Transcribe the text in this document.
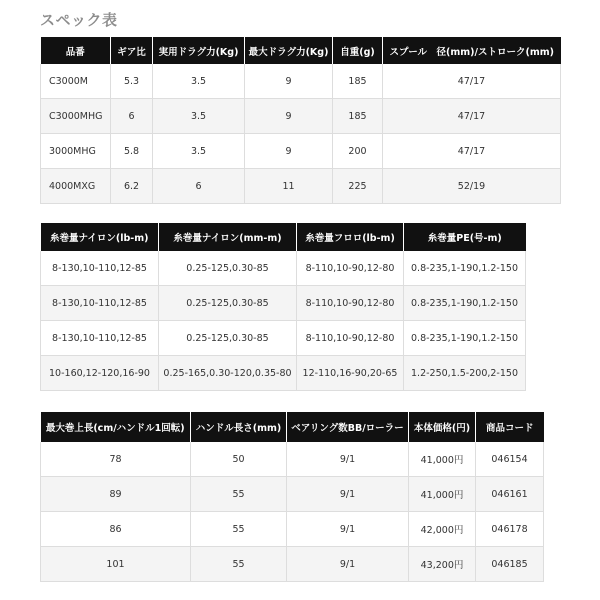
スペック表
品番	ギア比	実用ドラグ力(Kg)	最大ドラグ力(Kg)	自重(g)	スプール　径(mm)/ストローク(mm)
C3000M	5.3	3.5	9	185	47/17
C3000MHG	6	3.5	9	185	47/17
3000MHG	5.8	3.5	9	200	47/17
4000MXG	6.2	6	11	225	52/19
糸巻量ナイロン(lb-m)	糸巻量ナイロン(mm-m)	糸巻量フロロ(lb-m)	糸巻量PE(号-m)
8-130,10-110,12-85	0.25-125,0.30-85	8-110,10-90,12-80	0.8-235,1-190,1.2-150
8-130,10-110,12-85	0.25-125,0.30-85	8-110,10-90,12-80	0.8-235,1-190,1.2-150
8-130,10-110,12-85	0.25-125,0.30-85	8-110,10-90,12-80	0.8-235,1-190,1.2-150
10-160,12-120,16-90	0.25-165,0.30-120,0.35-80	12-110,16-90,20-65	1.2-250,1.5-200,2-150
最大巻上長(cm/ハンドル1回転)	ハンドル長さ(mm)	ベアリング数BB/ローラー	本体価格(円)	商品コード
78	50	9/1	41,000円	046154
89	55	9/1	41,000円	046161
86	55	9/1	42,000円	046178
101	55	9/1	43,200円	046185
